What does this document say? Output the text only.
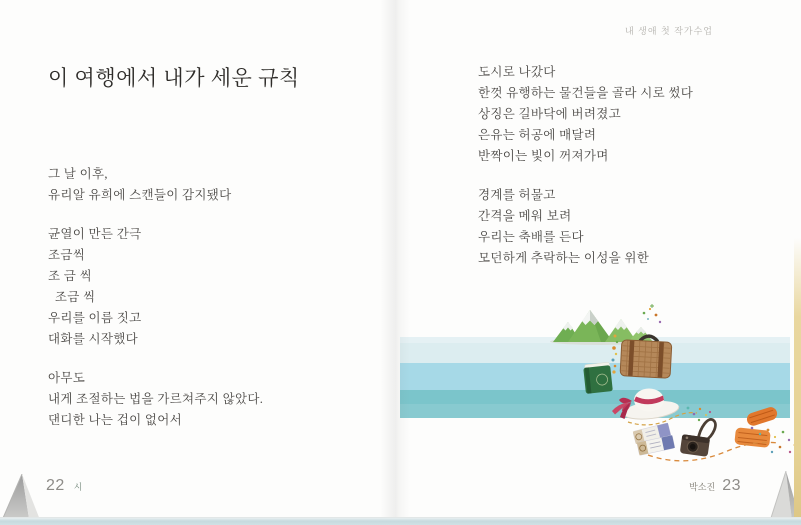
이 여행에서 내가 세운 규칙
그 날 이후,
유리알 유희에 스캔들이 감지됐다
균열이 만든 간극
조금씩
조 금 씩
조금 씩
우리를 이름 짓고
대화를 시작했다
아무도
내게 조절하는 법을 가르쳐주지 않았다.
댄디한 나는 겁이 없어서
22 시
내 생애 첫 작가수업
도시로 나갔다
한껏 유행하는 물건들을 골라 시로 썼다
상징은 길바닥에 버려졌고
은유는 허공에 매달려
반짝이는 빛이 꺼져가며
경계를 허물고
간격을 메워 보려
우리는 축배를 든다
모던하게 추락하는 이성을 위한
박소진 23
